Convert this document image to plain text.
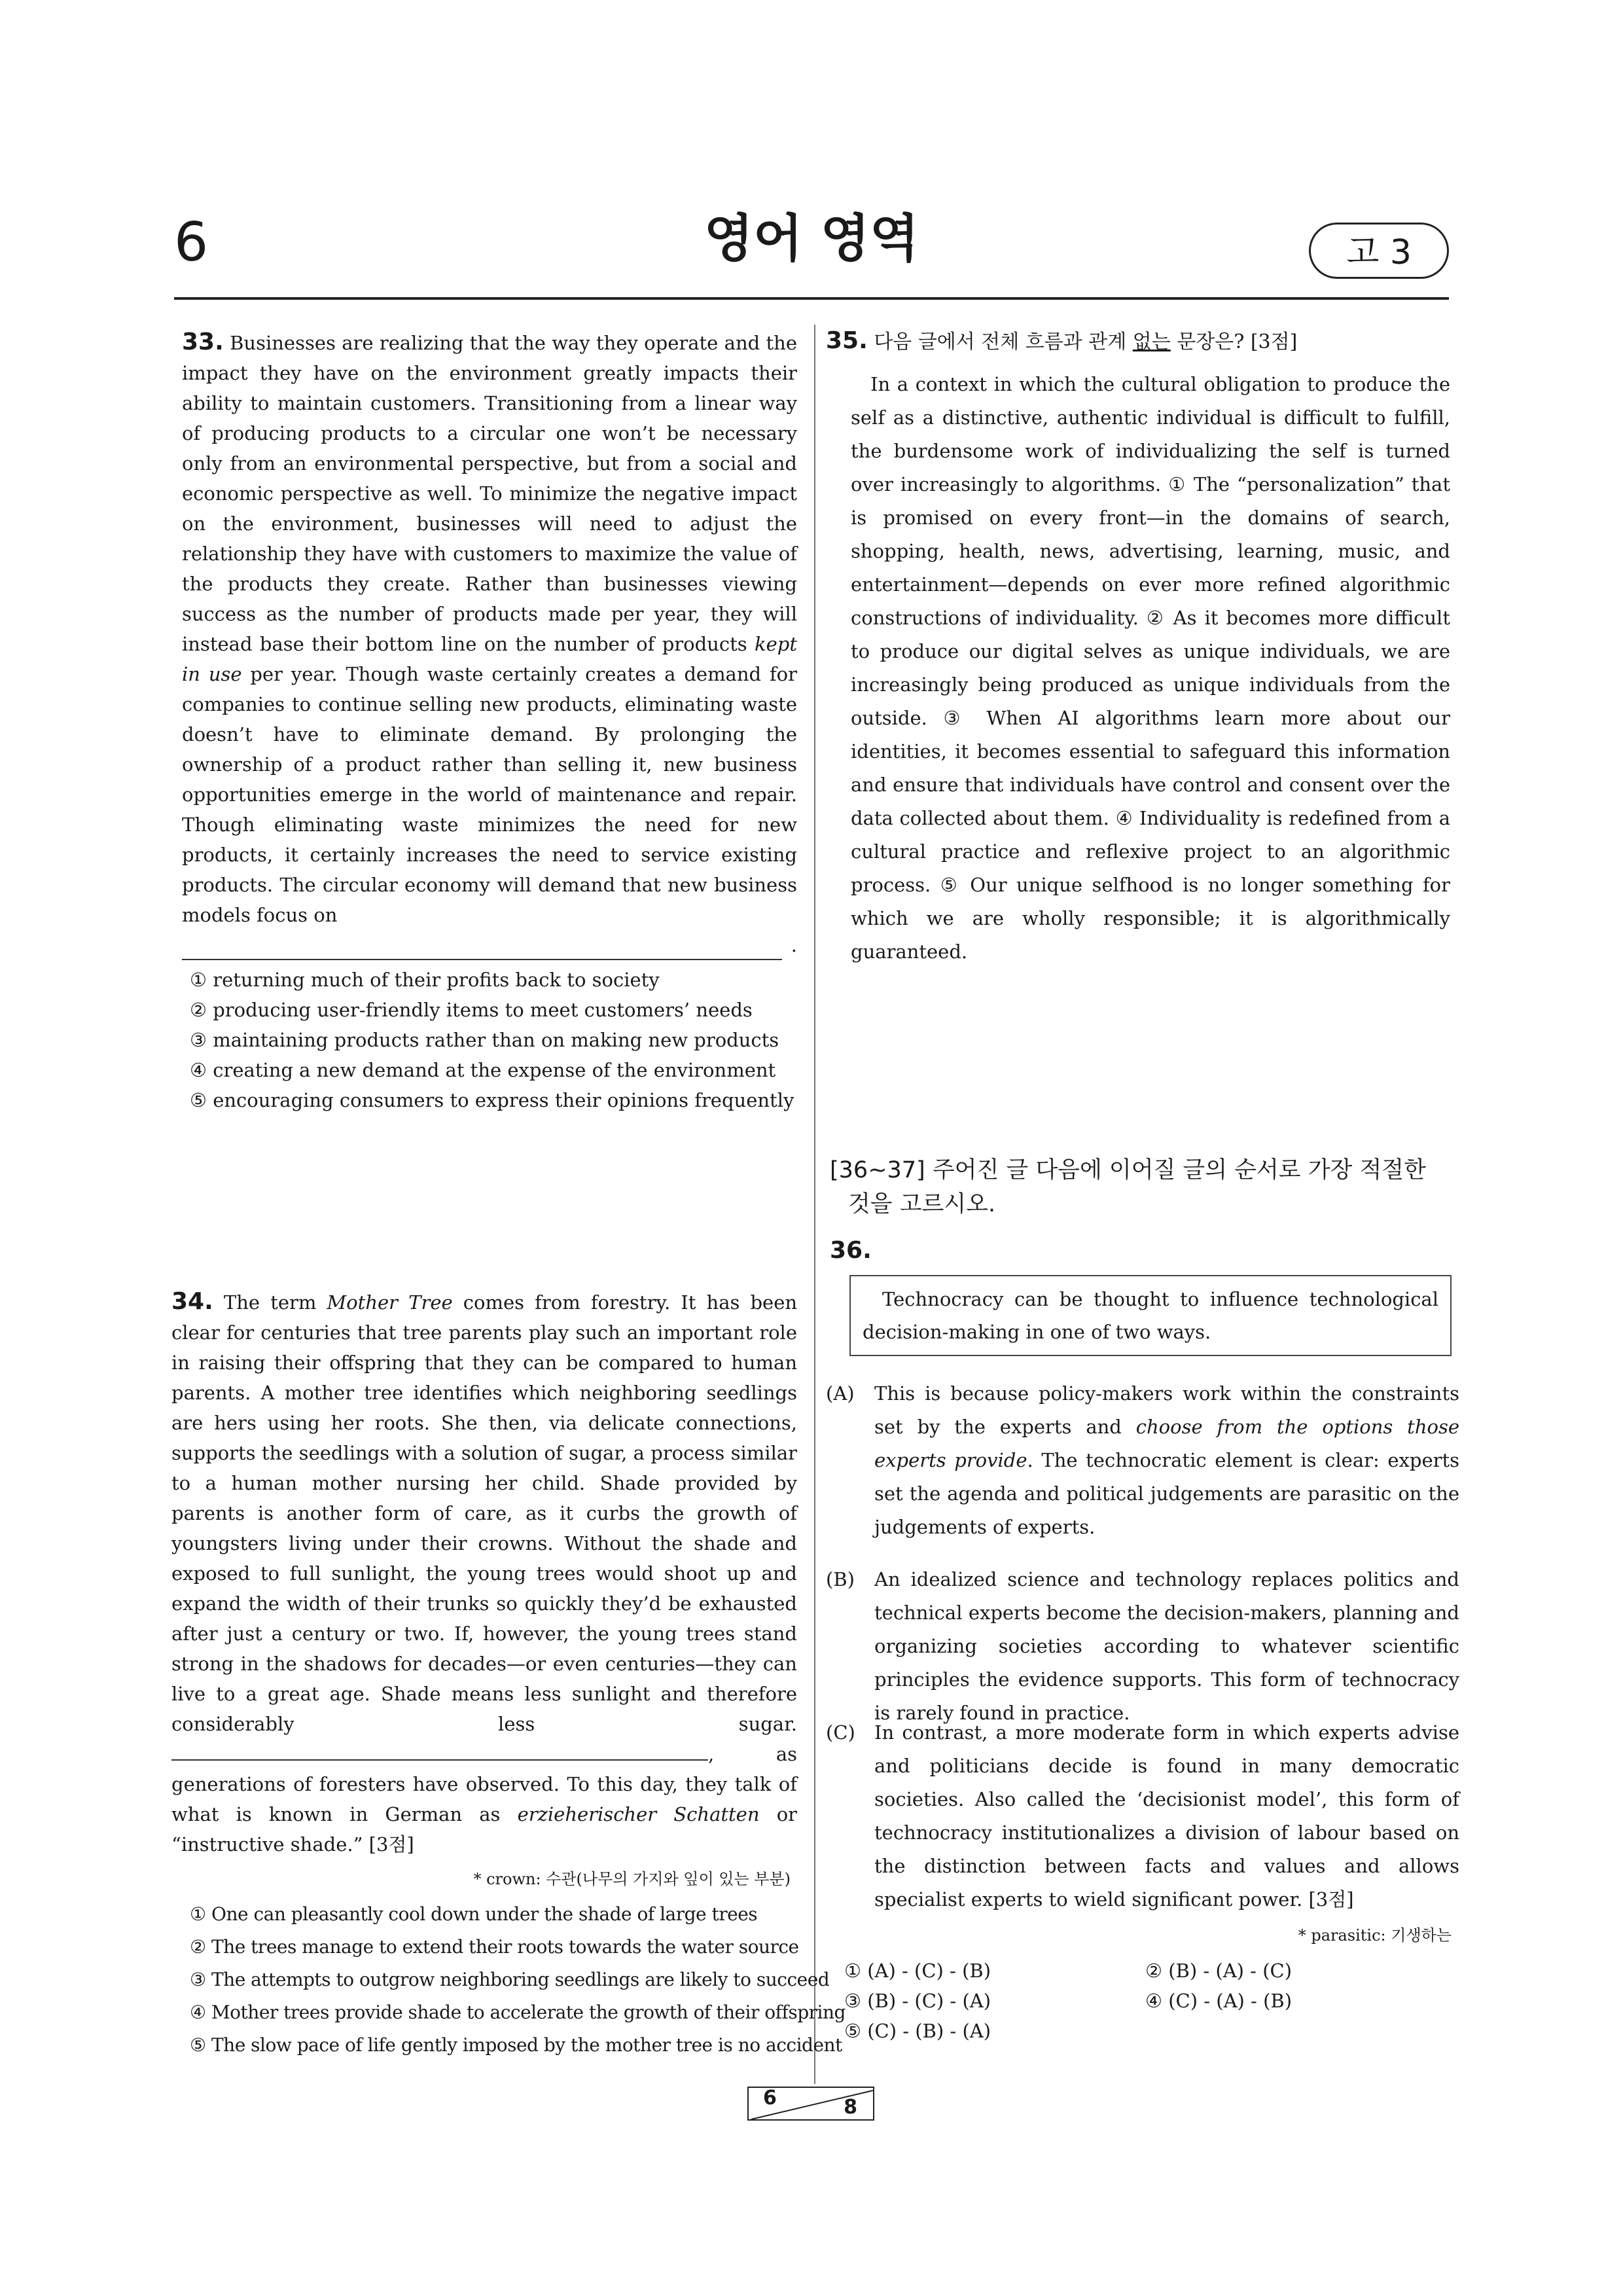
6	영어 영역	고 3

33. Businesses are realizing that the way they operate and the impact they have on the environment greatly impacts their ability to maintain customers. Transitioning from a linear way of producing products to a circular one won’t be necessary only from an environmental perspective, but from a social and economic perspective as well. To minimize the negative impact on the environment, businesses will need to adjust the relationship they have with customers to maximize the value of the products they create. Rather than businesses viewing success as the number of products made per year, they will instead base their bottom line on the number of products kept in use per year. Though waste certainly creates a demand for companies to continue selling new products, eliminating waste doesn’t have to eliminate demand. By prolonging the ownership of a product rather than selling it, new business opportunities emerge in the world of maintenance and repair. Though eliminating waste minimizes the need for new products, it certainly increases the need to service existing products. The circular economy will demand that new business models focus on
.

① returning much of their profits back to society
② producing user-friendly items to meet customers’ needs
③ maintaining products rather than on making new products
④ creating a new demand at the expense of the environment
⑤ encouraging consumers to express their opinions frequently

34. The term Mother Tree comes from forestry. It has been clear for centuries that tree parents play such an important role in raising their offspring that they can be compared to human parents. A mother tree identifies which neighboring seedlings are hers using her roots. She then, via delicate connections, supports the seedlings with a solution of sugar, a process similar to a human mother nursing her child. Shade provided by parents is another form of care, as it curbs the growth of youngsters living under their crowns. Without the shade and exposed to full sunlight, the young trees would shoot up and expand the width of their trunks so quickly they’d be exhausted after just a century or two. If, however, the young trees stand strong in the shadows for decades—or even centuries—they can live to a great age. Shade means less sunlight and therefore considerably less sugar. , as generations of foresters have observed. To this day, they talk of what is known in German as erzieherischer Schatten or “instructive shade.” [3점]

* crown: 수관(나무의 가지와 잎이 있는 부분)
① One can pleasantly cool down under the shade of large trees
② The trees manage to extend their roots towards the water source
③ The attempts to outgrow neighboring seedlings are likely to succeed
④ Mother trees provide shade to accelerate the growth of their offspring
⑤ The slow pace of life gently imposed by the mother tree is no accident

35. 다음 글에서 전체 흐름과 관계 없는 문장은? [3점]

In a context in which the cultural obligation to produce the self as a distinctive, authentic individual is difficult to fulfill, the burdensome work of individualizing the self is turned over increasingly to algorithms. ① The “personalization” that is promised on every front—in the domains of search, shopping, health, news, advertising, learning, music, and entertainment—depends on ever more refined algorithmic constructions of individuality. ② As it becomes more difficult to produce our digital selves as unique individuals, we are increasingly being produced as unique individuals from the outside. ③ When AI algorithms learn more about our identities, it becomes essential to safeguard this information and ensure that individuals have control and consent over the data collected about them. ④ Individuality is redefined from a cultural practice and reflexive project to an algorithmic process. ⑤ Our unique selfhood is no longer something for which we are wholly responsible; it is algorithmically guaranteed.

[36~37] 주어진 글 다음에 이어질 글의 순서로 가장 적절한
것을 고르시오.
36.
Technocracy can be thought to influence technological decision-making in one of two ways.
(A) This is because policy-makers work within the constraints set by the experts and choose from the options those experts provide. The technocratic element is clear: experts set the agenda and political judgements are parasitic on the judgements of experts.
(B) An idealized science and technology replaces politics and technical experts become the decision-makers, planning and organizing societies according to whatever scientific principles the evidence supports. This form of technocracy is rarely found in practice.
(C) In contrast, a more moderate form in which experts advise and politicians decide is found in many democratic societies. Also called the ‘decisionist model’, this form of technocracy institutionalizes a division of labour based on the distinction between facts and values and allows specialist experts to wield significant power. [3점]
* parasitic: 기생하는
① (A) - (C) - (B)	② (B) - (A) - (C)
③ (B) - (C) - (A)	④ (C) - (A) - (B)
⑤ (C) - (B) - (A)
6	8
